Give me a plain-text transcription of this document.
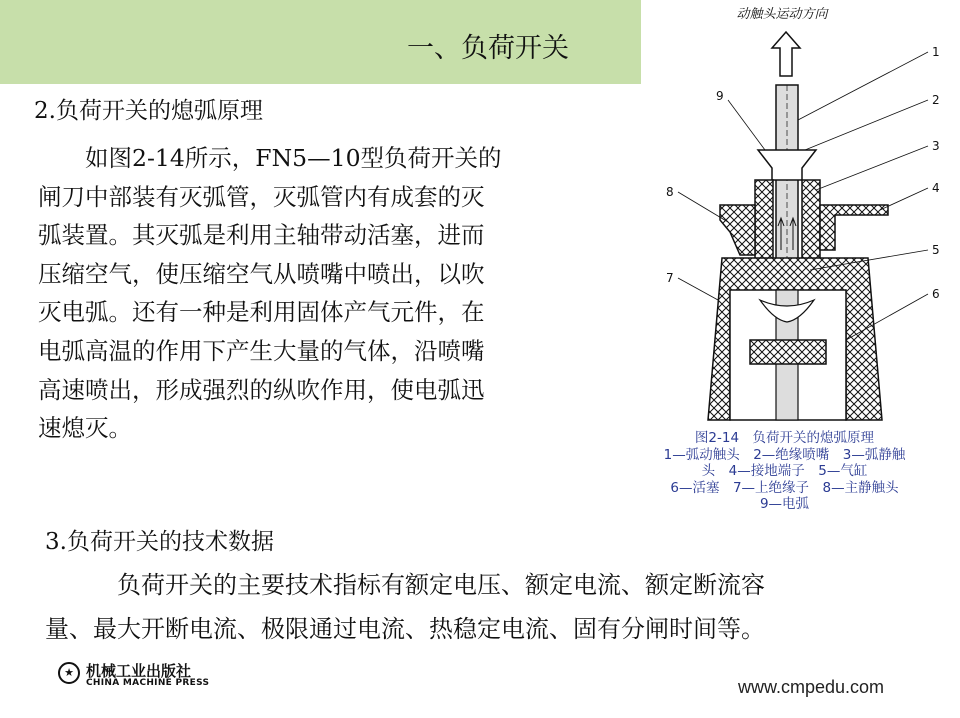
一、负荷开关
2.负荷开关的熄弧原理
　　如图2-14所示，FN5—10型负荷开关的
闸刀中部装有灭弧管，灭弧管内有成套的灭
弧装置。其灭弧是利用主轴带动活塞，进而
压缩空气，使压缩空气从喷嘴中喷出，以吹
灭电弧。还有一种是利用固体产气元件，在
电弧高温的作用下产生大量的气体，沿喷嘴
高速喷出，形成强烈的纵吹作用，使电弧迅
速熄灭。
动触头运动方向
1
2
3
4
5
6
7
8
9
图2-14　负荷开关的熄弧原理
1—弧动触头　2—绝缘喷嘴　3—弧静触
头　4—接地端子　5—气缸
6—活塞　7—上绝缘子　8—主静触头
9—电弧
3.负荷开关的技术数据
　　　负荷开关的主要技术指标有额定电压、额定电流、额定断流容
量、最大开断电流、极限通过电流、热稳定电流、固有分闸时间等。
★ 机械工业出版社
CHINA MACHINE PRESS	www.cmpedu.com
